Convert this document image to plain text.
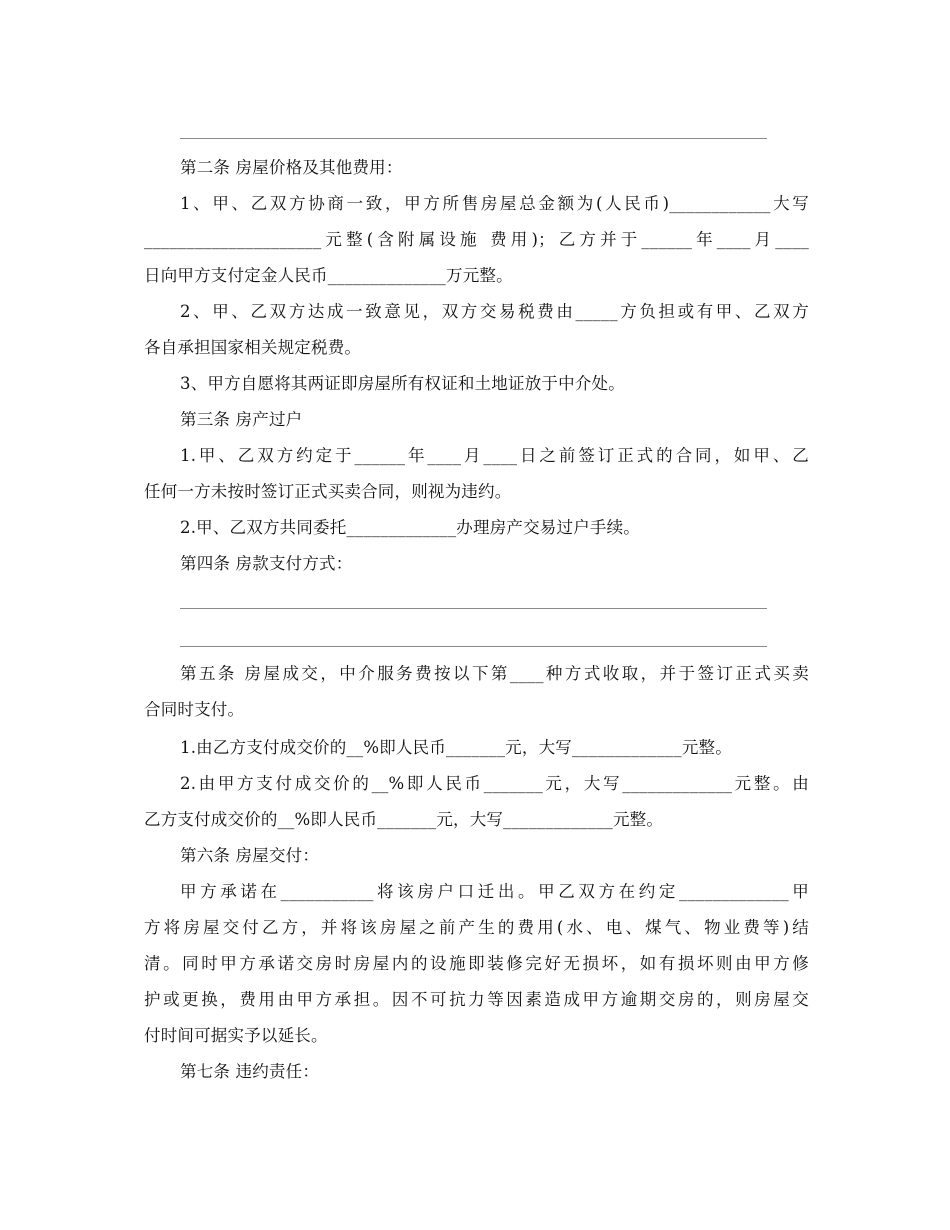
第二条 房屋价格及其他费用：
1、甲、乙双方协商一致，甲方所售房屋总金额为(人民币)____________大写
_____________________元整(含附属设施 费用)；乙方并于______年____月____
日向甲方支付定金人民币______________万元整。
2、甲、乙双方达成一致意见，双方交易税费由_____方负担或有甲、乙双方
各自承担国家相关规定税费。
3、甲方自愿将其两证即房屋所有权证和土地证放于中介处。
第三条 房产过户
1.甲、乙双方约定于______年____月____日之前签订正式的合同，如甲、乙
任何一方未按时签订正式买卖合同，则视为违约。
2.甲、乙双方共同委托_____________办理房产交易过户手续。
第四条 房款支付方式：
第五条 房屋成交，中介服务费按以下第____种方式收取，并于签订正式买卖
合同时支付。
1.由乙方支付成交价的__%即人民币_______元，大写_____________元整。
2.由甲方支付成交价的__%即人民币_______元，大写_____________元整。由
乙方支付成交价的__%即人民币_______元，大写_____________元整。
第六条 房屋交付：
甲方承诺在___________将该房户口迁出。甲乙双方在约定_____________甲
方将房屋交付乙方，并将该房屋之前产生的费用(水、电、煤气、物业费等)结
清。同时甲方承诺交房时房屋内的设施即装修完好无损坏，如有损坏则由甲方修
护或更换，费用由甲方承担。因不可抗力等因素造成甲方逾期交房的，则房屋交
付时间可据实予以延长。
第七条 违约责任：
